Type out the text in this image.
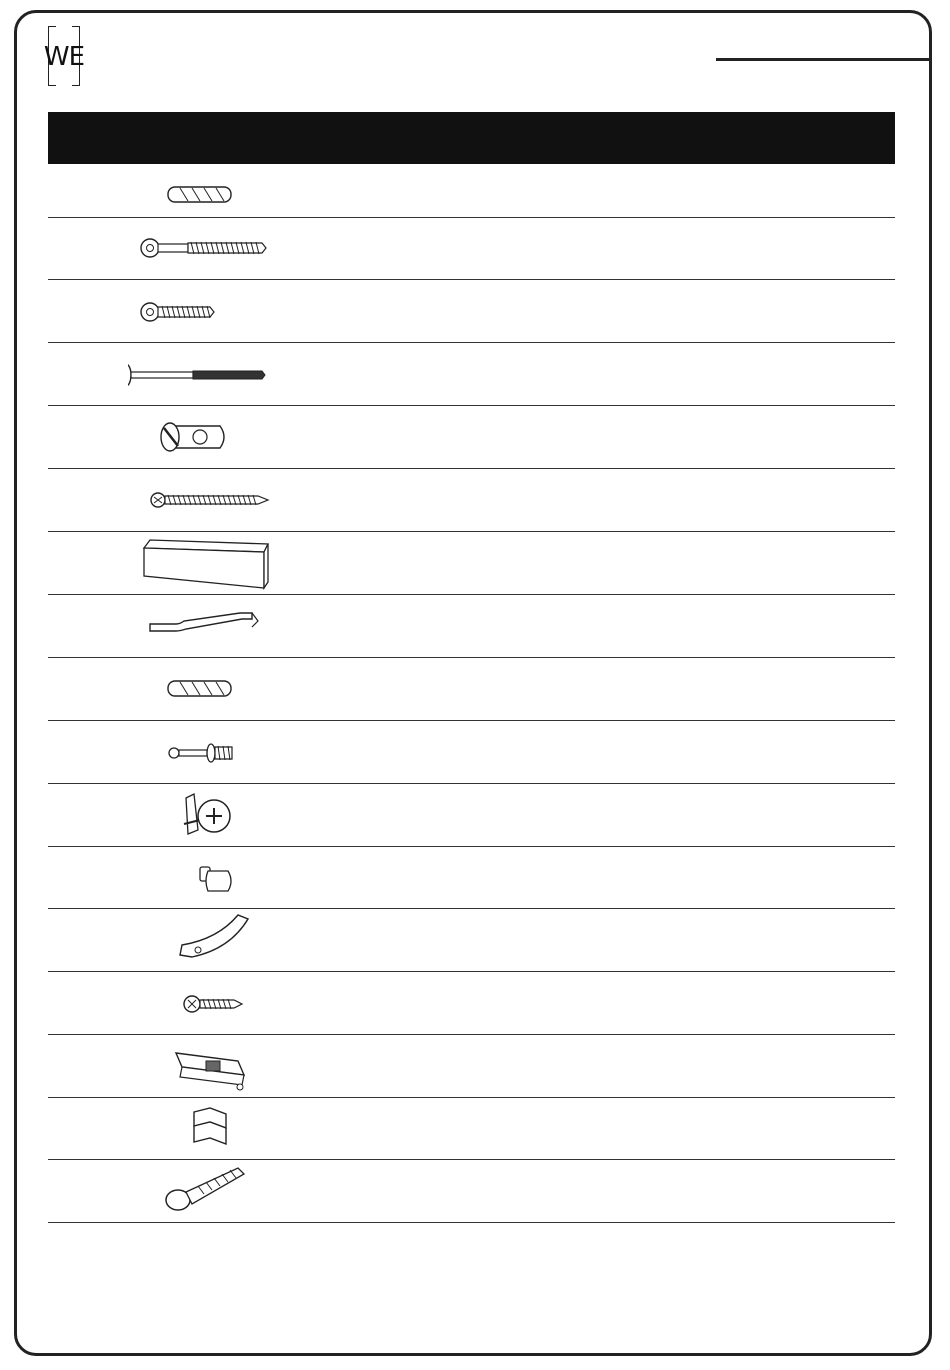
WE
